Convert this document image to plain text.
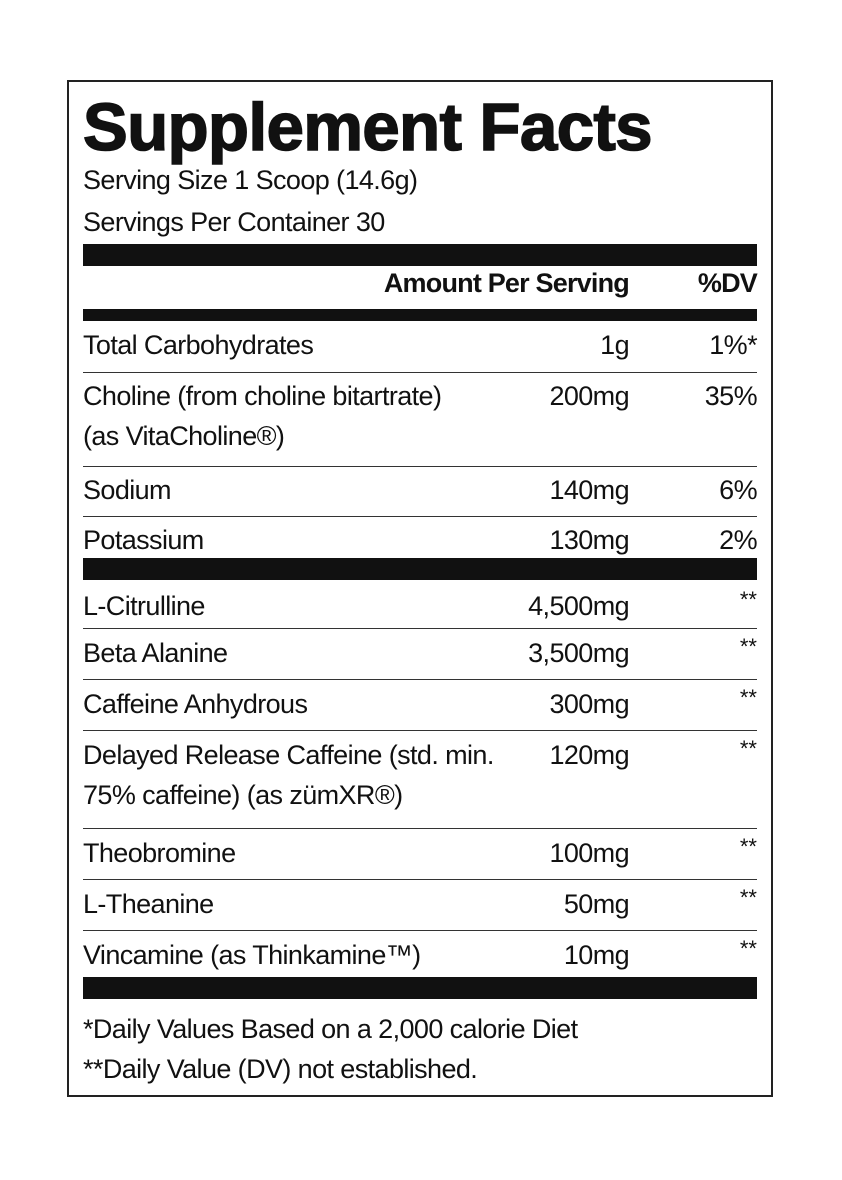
Supplement Facts
Serving Size 1 Scoop (14.6g)
Servings Per Container 30
Amount Per Serving	%DV
Total Carbohydrates	1g	1%*
Choline (from choline bitartrate)
(as VitaCholine®)
200mg	35%
Sodium	140mg	6%
Potassium	130mg	2%
L-Citrulline	4,500mg	**
Beta Alanine	3,500mg	**
Caffeine Anhydrous	300mg	**
Delayed Release Caffeine (std. min.
75% caffeine) (as zümXR®)
120mg	**
Theobromine	100mg	**
L-Theanine	50mg	**
Vincamine (as Thinkamine™)	10mg	**
*Daily Values Based on a 2,000 calorie Diet
**Daily Value (DV) not established.
